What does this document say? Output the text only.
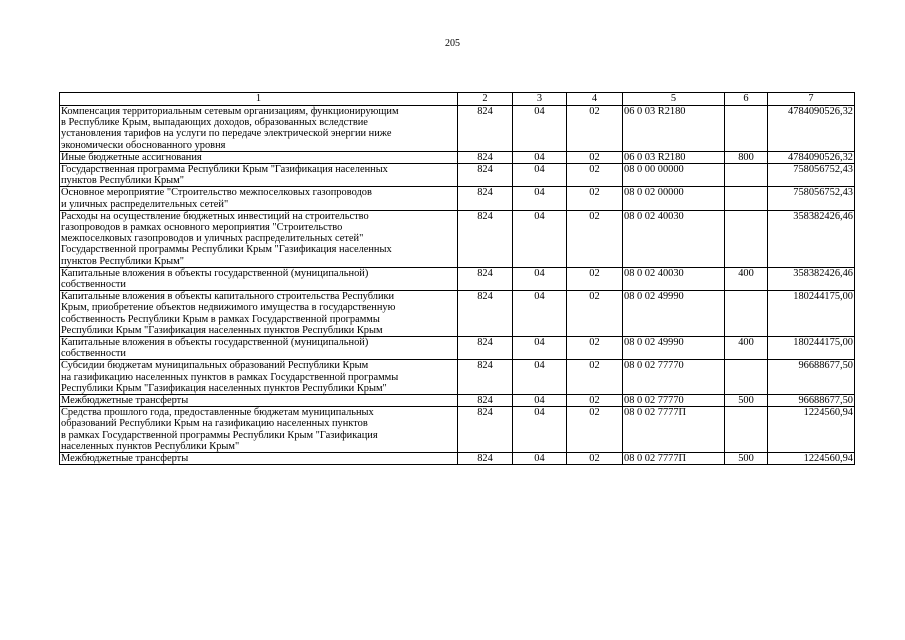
205
1	2	3	4	5	6	7
Компенсация территориальным сетевым организациям, функционирующим
в Республике Крым, выпадающих доходов, образованных вследствие
установления тарифов на услуги по передаче электрической энергии ниже
экономически обоснованного уровня	824	04	02	06 0 03 R2180		4784090526,32
Иные бюджетные ассигнования	824	04	02	06 0 03 R2180	800	4784090526,32
Государственная программа Республики Крым "Газификация населенных
пунктов Республики Крым"	824	04	02	08 0 00 00000		758056752,43
Основное мероприятие "Строительство межпоселковых газопроводов
и уличных распределительных сетей"	824	04	02	08 0 02 00000		758056752,43
Расходы на осуществление бюджетных инвестиций на строительство
газопроводов в рамках основного мероприятия "Строительство
межпоселковых газопроводов и уличных распределительных сетей"
Государственной программы Республики Крым "Газификация населенных
пунктов Республики Крым"	824	04	02	08 0 02 40030		358382426,46
Капитальные вложения в объекты государственной (муниципальной)
собственности	824	04	02	08 0 02 40030	400	358382426,46
Капитальные вложения в объекты капитального строительства Республики
Крым, приобретение объектов недвижимого имущества в государственную
собственность Республики Крым в рамках Государственной программы
Республики Крым "Газификация населенных пунктов Республики Крым	824	04	02	08 0 02 49990		180244175,00
Капитальные вложения в объекты государственной (муниципальной)
собственности	824	04	02	08 0 02 49990	400	180244175,00
Субсидии бюджетам муниципальных образований Республики Крым
на газификацию населенных пунктов в рамках Государственной программы
Республики Крым "Газификация населенных пунктов Республики Крым"	824	04	02	08 0 02 77770		96688677,50
Межбюджетные трансферты	824	04	02	08 0 02 77770	500	96688677,50
Средства прошлого года, предоставленные бюджетам муниципальных
образований Республики Крым на газификацию населенных пунктов
в рамках Государственной программы Республики Крым "Газификация
населенных пунктов Республики Крым"	824	04	02	08 0 02 7777П		1224560,94
Межбюджетные трансферты	824	04	02	08 0 02 7777П	500	1224560,94
